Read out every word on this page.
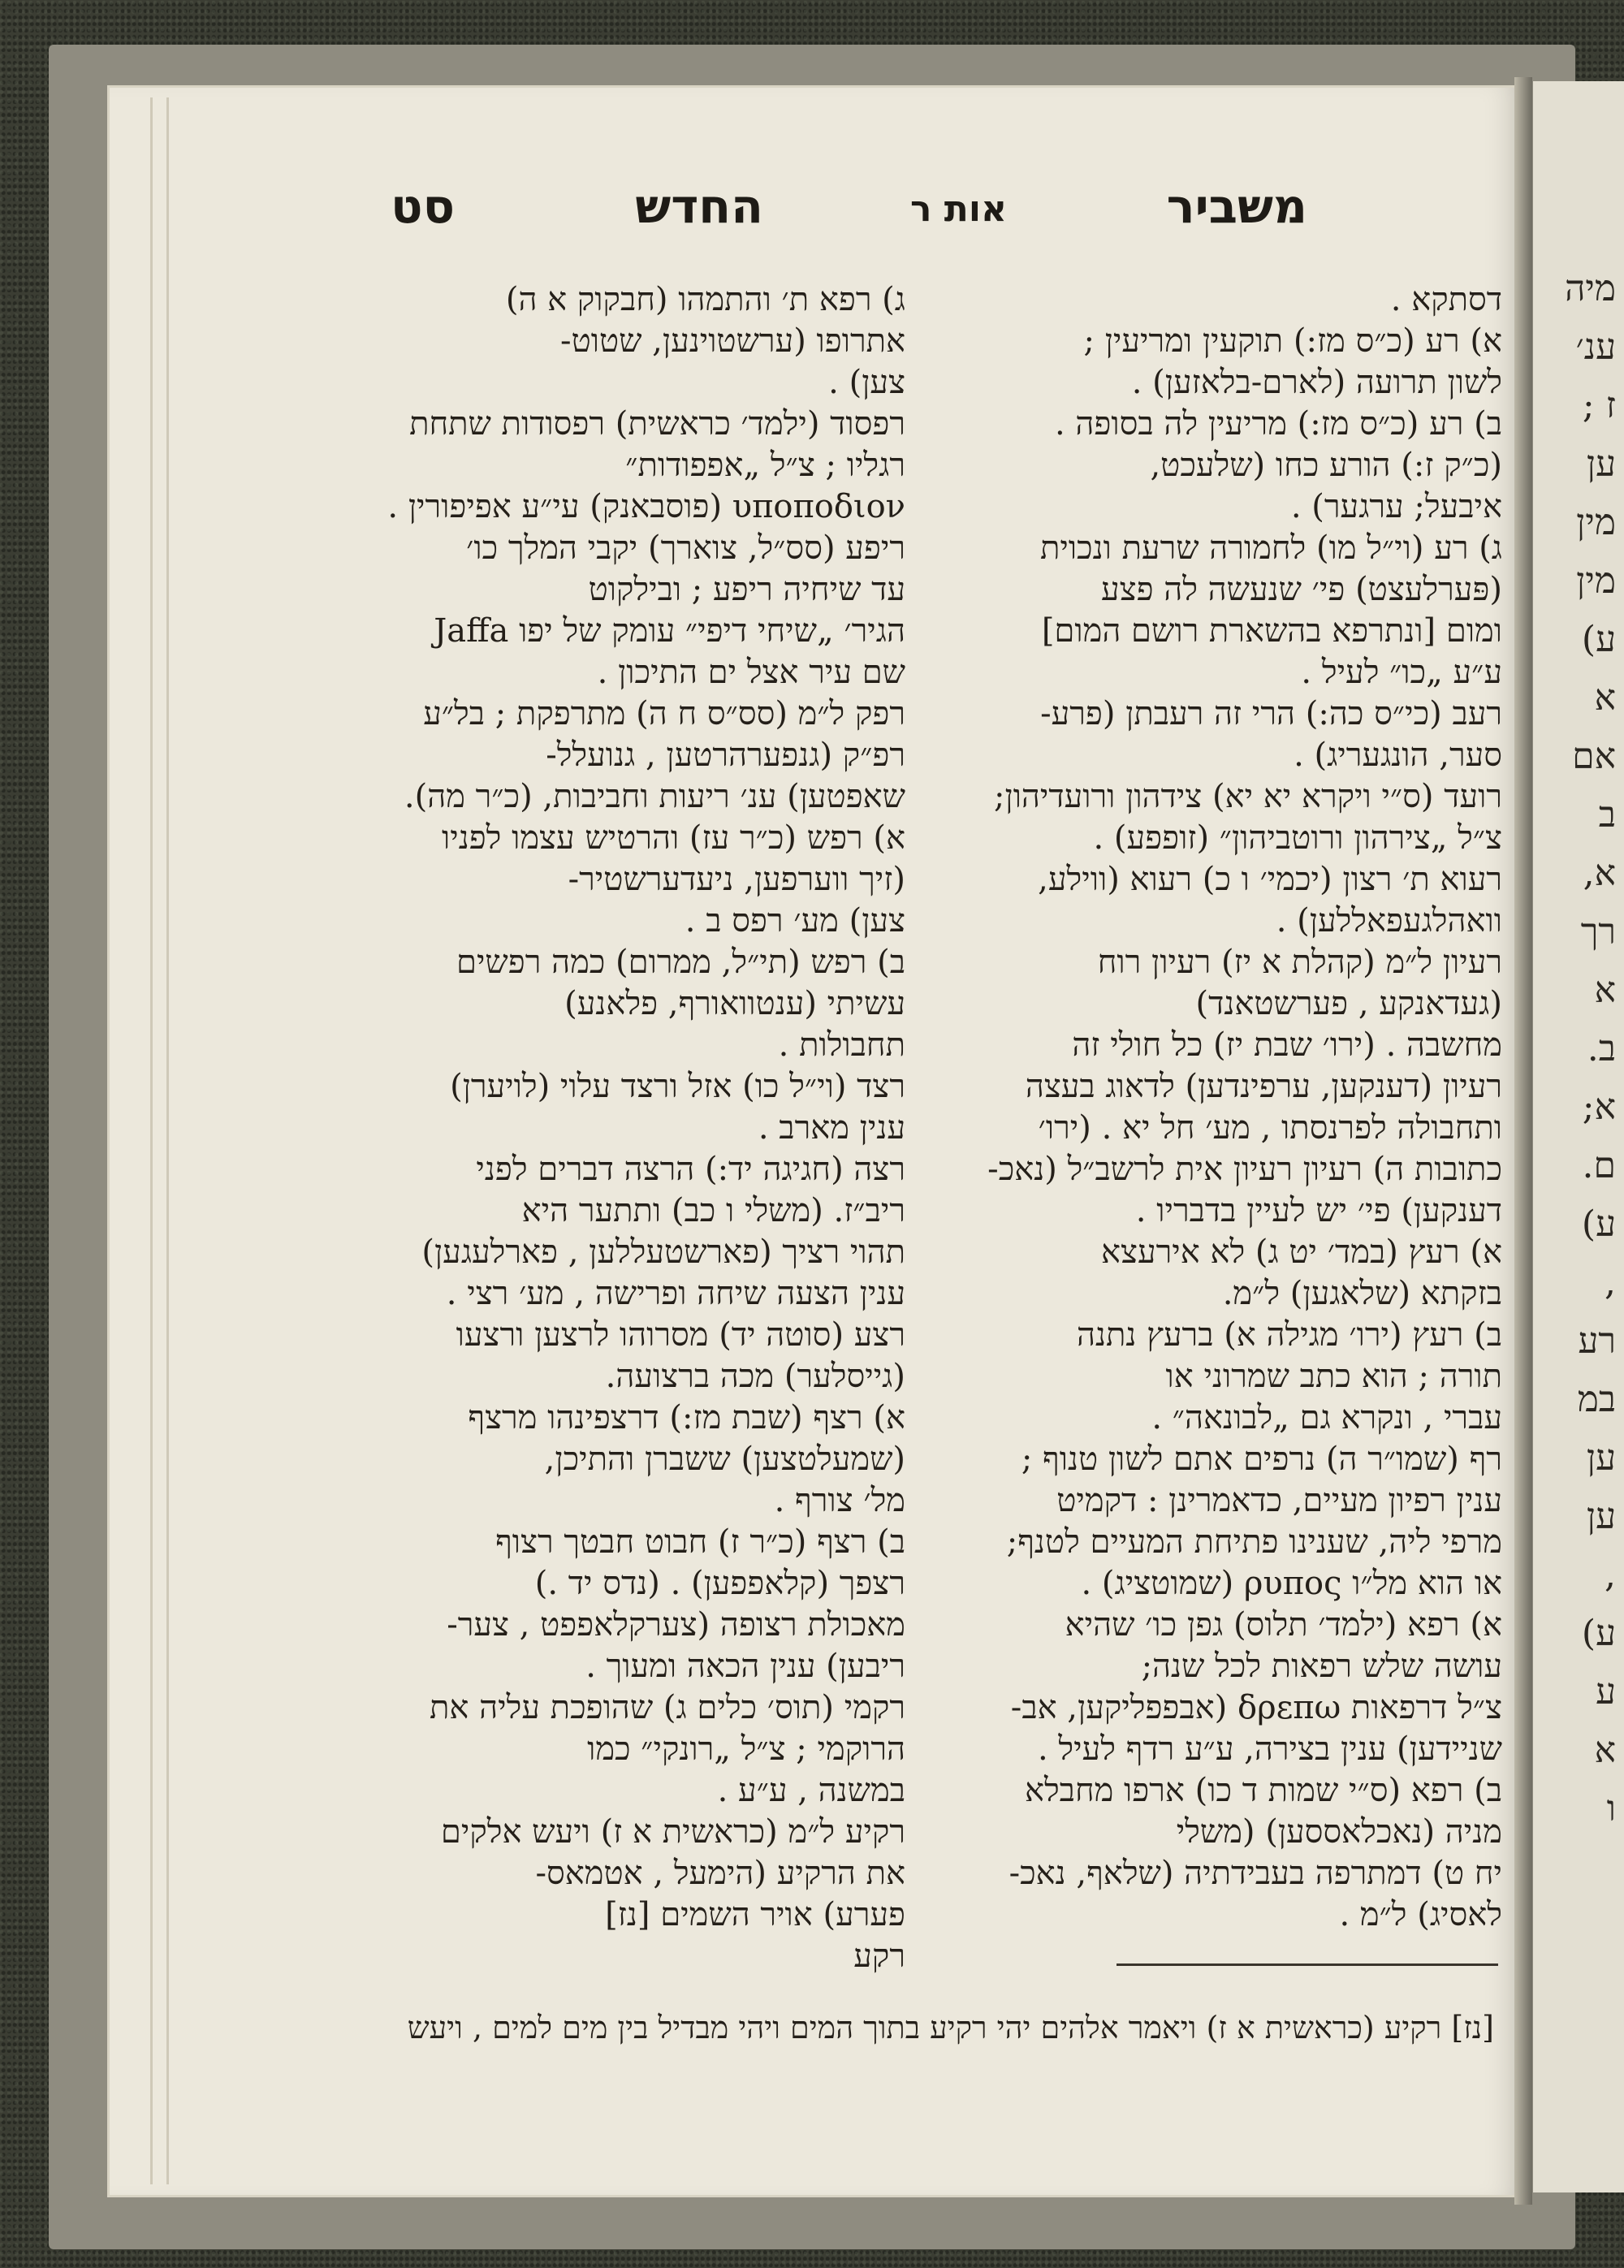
מיה
ענ׳
ז ;
ען
מין
מין
ע)
א
אם
ב
א,
רך
א
ב.
א;
ם.
ע)
,
רע
במ
ען
ען
,
ע)
ע
א
ו
סט	החדש	אות ר	משביר
דסתקא .
א) רע (כ״ס מז:) תוקעין ומריעין ;
לשון תרועה (לארם-בלאזען) .
ב) רע (כ״ס מז:) מריעין לה בסופה .
(כ״ק ז:) הורע כחו (שלעכט,
איבעל; ערגער) .
ג) רע (וי״ל מו) לחמורה שרעת ונכוית
(פּערלעצט) פי׳ שנעשה לה פצע
ומום [ונתרפא בהשארת רושם המום]
ע״ע „כו״ לעיל .
רעב (כי״ס כה:) הרי זה רעבתן (פרע-
סער, הונגעריג) .
רועד (ס״י ויקרא יא יא) צידהון ורועדיהון;
צ״ל „צירהון ורוטביהון״ (זופפע) .
רעוא ת׳ רצון (יכמי׳ ו כ) רעוא (ווילע,
וואהלגעפאללען) .
רעיון ל״מ (קהלת א יז) רעיון רוח
(געדאנקע , פערשטאנד)
מחשבה . (ירו׳ שבת יז) כל חולי זה
רעיון (דענקען, ערפינדען) לדאוג בעצה
ותחבולה לפרנסתו , מע׳ חל יא . (ירו׳
כתובות ה) רעיון רעיון אית לרשב״ל (נאכ-
דענקען) פי׳ יש לעיין בדבריו .
א) רעץ (במד׳ יט ג) לא אירעצא
בזקתא (שלאגען) ל״מ.
ב) רעץ (ירו׳ מגילה א) ברעץ נתנה
תורה ; הוא כתב שמרוני או
עברי , ונקרא גם „לבונאה״ .
רף (שמו״ר ה) נרפים אתם לשון טנוף ;
ענין רפיון מעיים, כדאמרינן : דקמיט
מרפי ליה, שענינו פתיחת המעיים לטנף;
או הוא מל״ו ρυπος (שמוטציג) .
א) רפא (ילמד׳ תלוס) גפן כו׳ שהיא
עושה שלש רפאות לכל שנה;
צ״ל דרפאות δρεπω (אבפפליקען, אב-
שניידען) ענין בצירה, ע״ע רדף לעיל .
ב) רפא (ס״י שמות ד כו) ארפו מחבלא
מניה (נאכלאססען) (משלי
יח ט) דמתרפה בעבידתיה (שלאף, נאכ-
לאסיג) ל״מ .
ג) רפא ת׳ והתמהו (חבקוק א ה)
אתרופו (ערשטוינען, שטוט-
צען) .
רפסוד (ילמד׳ כראשית) רפסודות שתחת
רגליו ; צ״ל „אפפודות״
υποποδιον (פוסבאנק) עי״ע אפיפורין .
ריפע (סס״ל, צוארך) יקבי המלך כו׳
עד שיחיה ריפע ; ובילקוט
הגיר׳ „שיחי דיפי״ עומק של יפו Jaffa
שם עיר אצל ים התיכון .
רפק ל״מ (סס״ס ח ה) מתרפקת ; בל״ע
רפ״ק (גנפערהרטען , גנועלל-
שאפטען) ענ׳ ריעות וחביבות, (כ״ר מה).
א) רפש (כ״ר עז) והרטיש עצמו לפניו
(זיך ווערפען, ניעדערשטיר-
צען) מע׳ רפס ב .
ב) רפש (תי״ל, ממרום) כמה רפשים
עשיתי (ענטוואורף, פלאנע)
תחבולות .
רצד (וי״ל כו) אזל ורצד עלוי (לויערן)
ענין מארב .
רצה (חגיגה יד:) הרצה דברים לפני
ריב״ז. (משלי ו כב) ותתער היא
תהוי רציך (פארשטעללען , פארלעגען)
ענין הצעה שיחה ופרישה , מע׳ רצי .
רצע (סוטה יד) מסרוהו לרצען ורצעו
(גייסלער) מכה ברצועה.
א) רצף (שבת מז:) דרצפינהו מרצף
(שמעלטצען) ששברן והתיכן,
מל׳ צורף .
ב) רצף (כ״ר ז) חבוט חבטך רצוף
רצפך (קלאפפען) . (נדס יד .)
מאכולת רצופה (צערקלאפפט , צער-
ריבען) ענין הכאה ומעוך .
רקמי (תוס׳ כלים ג) שהופכת עליה את
הרוקמי ; צ״ל „רונקי״ כמו
במשנה , ע״ע .
רקיע ל״מ (כראשית א ז) ויעש אלקים
את הרקיע (הימעל , אטמאס-
פערע) אויר השמים [נז]
רקע
[נז] רקיע (כראשית א ז) ויאמר אלהים יהי רקיע בתוך המים ויהי מבדיל בין מים למים , ויעש
